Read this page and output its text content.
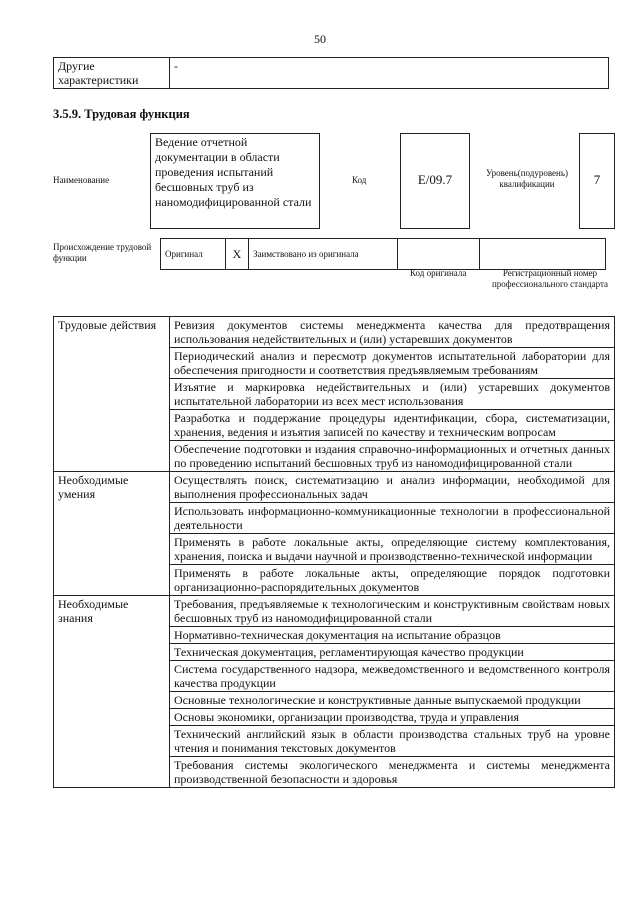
50
Другие характеристики	-
3.5.9. Трудовая функция
Наименование
Ведение отчетной документации в области проведения испытаний бесшовных труб из наномодифицированной стали
Код	Е/09.7	Уровень(подуровень) квалификации	7
Происхождение трудовой функции	Оригинал	X	Заимствовано из оригинала		
Код оригинала	Регистрационный номер профессионального стандарта
Трудовые действия	Ревизия документов системы менеджмента качества для предотвращения использования недействительных и (или) устаревших документов
	Периодический анализ и пересмотр документов испытательной лаборатории для обеспечения пригодности и соответствия предъявляемым требованиям
	Изъятие и маркировка недействительных и (или) устаревших документов испытательной лаборатории из всех мест использования
	Разработка и поддержание процедуры идентификации, сбора, систематизации, хранения, ведения и изъятия записей по качеству и техническим вопросам
	Обеспечение подготовки и издания справочно-информационных и отчетных данных по проведению испытаний бесшовных труб из наномодифицированной стали
Необходимые умения	Осуществлять поиск, систематизацию и анализ информации, необходимой для выполнения профессиональных задач
	Использовать информационно-коммуникационные технологии в профессиональной деятельности
	Применять в работе локальные акты, определяющие систему комплектования, хранения, поиска и выдачи научной и производственно-технической информации
	Применять в работе локальные акты, определяющие порядок подготовки организационно-распорядительных документов
Необходимые знания	Требования, предъявляемые к технологическим и конструктивным свойствам новых бесшовных труб из наномодифицированной стали
	Нормативно-техническая документация на испытание образцов
	Техническая документация, регламентирующая качество продукции
	Система государственного надзора, межведомственного и ведомственного контроля качества продукции
	Основные технологические и конструктивные данные выпускаемой продукции
	Основы экономики, организации производства, труда и управления
	Технический английский язык в области производства стальных труб на уровне чтения и понимания текстовых документов
	Требования системы экологического менеджмента и системы менеджмента производственной безопасности и здоровья
